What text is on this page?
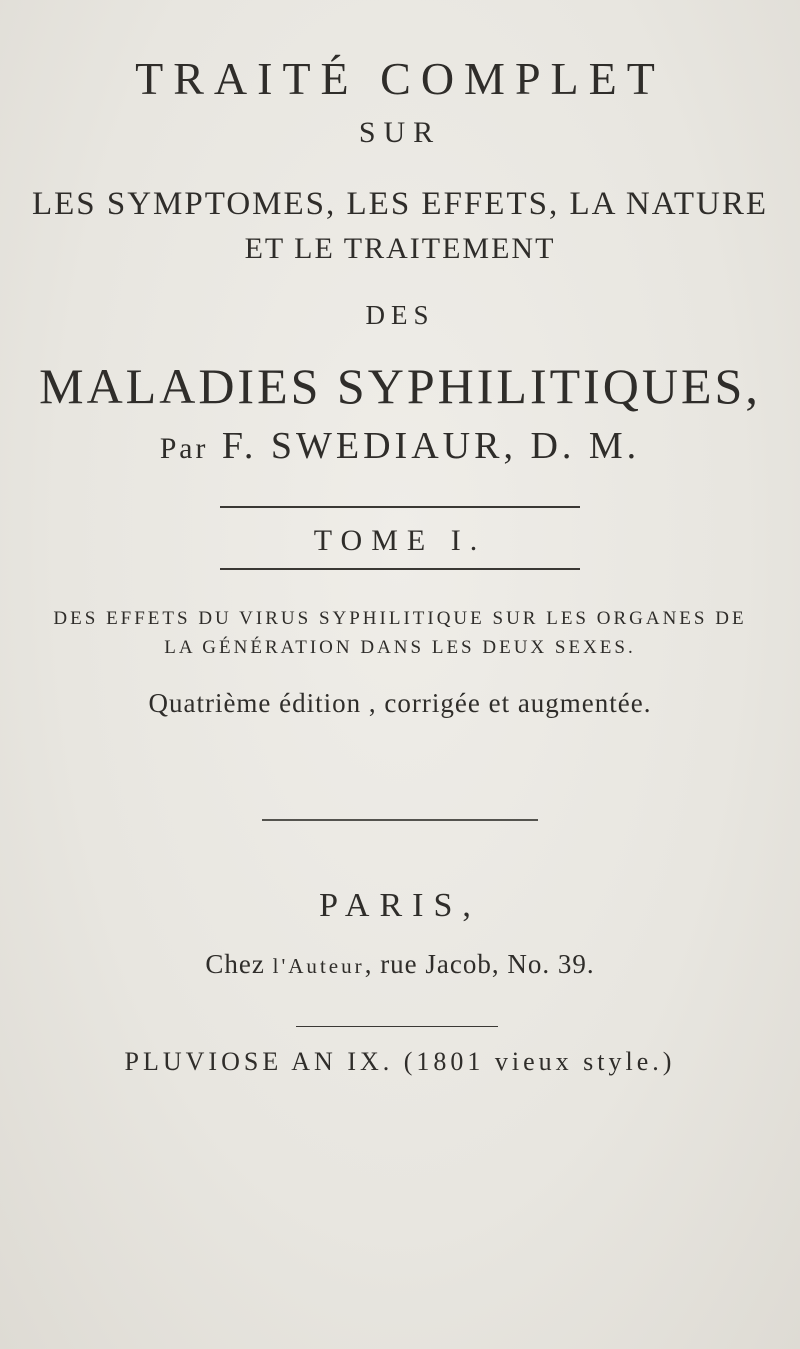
TRAITÉ COMPLET
SUR
LES SYMPTOMES, LES EFFETS, LA NATURE
ET LE TRAITEMENT
DES
MALADIES SYPHILITIQUES,
Par F. SWEDIAUR, D. M.
TOME I.
DES EFFETS DU VIRUS SYPHILITIQUE SUR LES ORGANES DE
LA GÉNÉRATION DANS LES DEUX SEXES.
Quatrième édition , corrigée et augmentée.
PARIS,
Chez l'Auteur, rue Jacob, No. 39.
PLUVIOSE AN IX. (1801 vieux style.)
